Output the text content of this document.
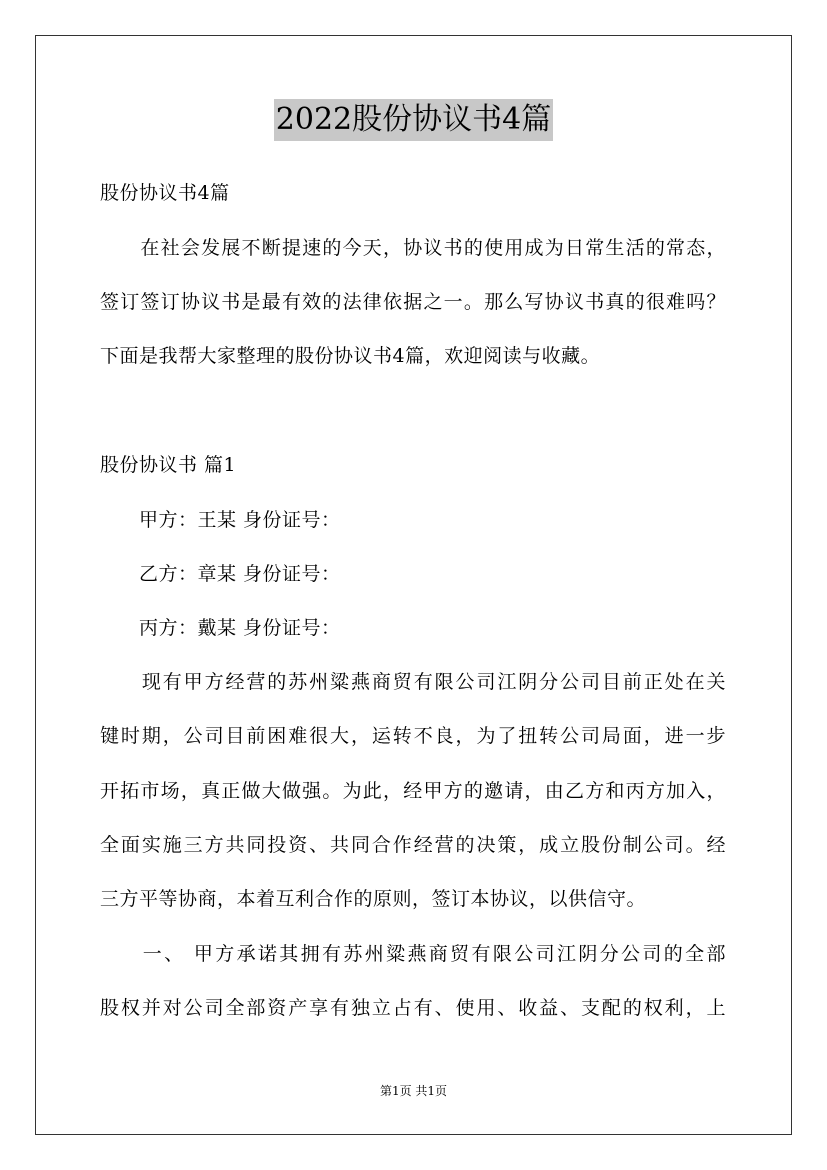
2022股份协议书4篇
股份协议书4篇
　　在社会发展不断提速的今天，协议书的使用成为日常生活的常态，
签订签订协议书是最有效的法律依据之一。那么写协议书真的很难吗？
下面是我帮大家整理的股份协议书4篇，欢迎阅读与收藏。
股份协议书 篇1
　　甲方：王某 身份证号：
　　乙方：章某 身份证号：
　　丙方：戴某 身份证号：
　　现有甲方经营的苏州粱燕商贸有限公司江阴分公司目前正处在关
键时期，公司目前困难很大，运转不良，为了扭转公司局面，进一步
开拓市场，真正做大做强。为此，经甲方的邀请，由乙方和丙方加入，
全面实施三方共同投资、共同合作经营的决策，成立股份制公司。经
三方平等协商，本着互利合作的原则，签订本协议，以供信守。
　　一、 甲方承诺其拥有苏州粱燕商贸有限公司江阴分公司的全部
股权并对公司全部资产享有独立占有、使用、收益、支配的权利，上
第1页 共1页
